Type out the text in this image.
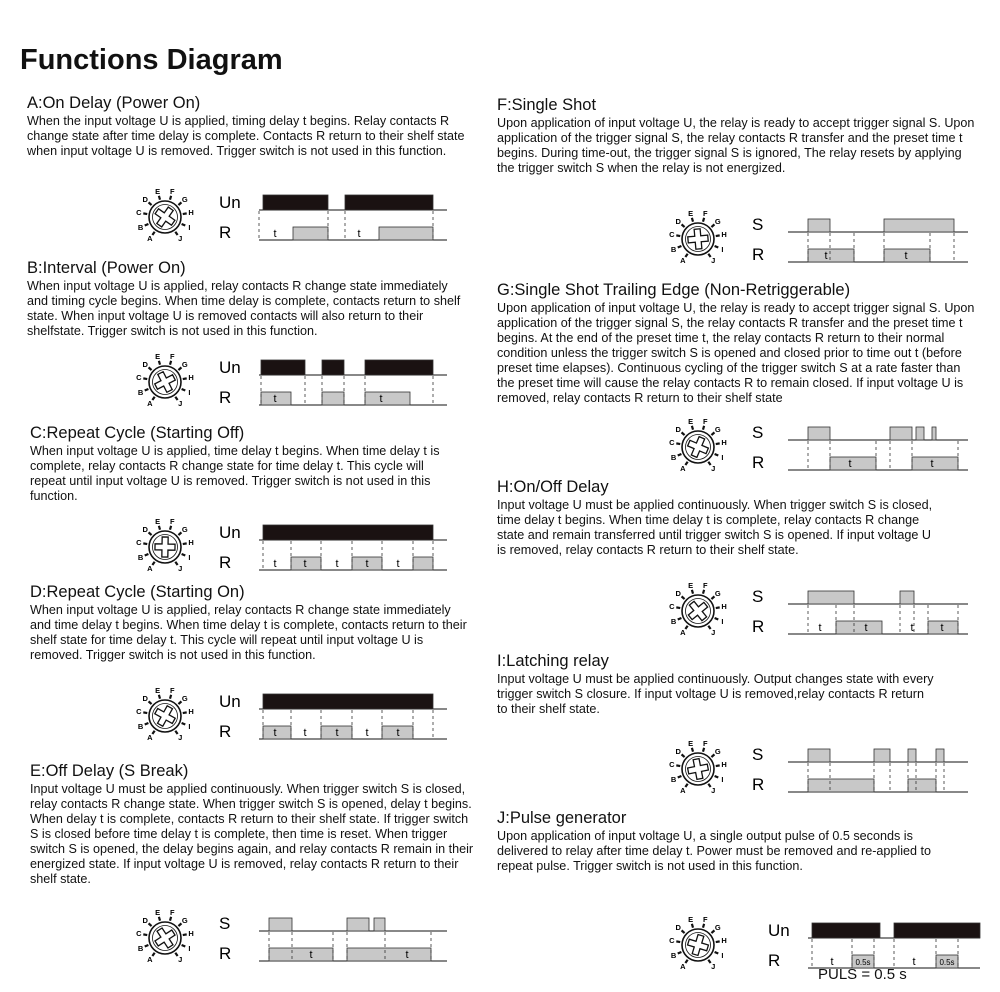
Functions Diagram
A:On Delay (Power On)

When the input voltage U is applied, timing delay t begins. Relay contacts R change state after time delay is complete. Contacts R return to their shelf state when input voltage U is removed. Trigger switch is not used in this function.

B:Interval (Power On)

When input voltage U is applied, relay contacts R change state immediately and timing cycle begins. When time delay is complete, contacts return to shelf state. When input voltage U is removed contacts will also return to their shelfstate. Trigger switch is not used in this function.

C:Repeat Cycle (Starting Off)

When input voltage U is applied, time delay t begins. When time delay t is complete, relay contacts R change state for time delay t. This cycle will repeat until input voltage U is removed. Trigger switch is not used in this function.

D:Repeat Cycle (Starting On)

When input voltage U is applied, relay contacts R change state immediately and time delay t begins. When time delay t is complete, contacts return to their shelf state for time delay t. This cycle will repeat until input voltage U is removed. Trigger switch is not used in this function.

E:Off Delay (S Break)

Input voltage U must be applied continuously. When trigger switch S is closed, relay contacts R change state. When trigger switch S is opened, delay t begins. When delay t is complete, contacts R return to their shelf state. If trigger switch S is closed before time delay t is complete, then time is reset. When trigger switch S is opened, the delay begins again, and relay contacts R remain in their energized state. If input voltage U is removed, relay contacts R return to their shelf state.

F:Single Shot

Upon application of input voltage U, the relay is ready to accept trigger signal S. Upon application of the trigger signal S, the relay contacts R transfer and the preset time t begins. During time-out, the trigger signal S is ignored, The relay resets by applying the trigger switch S when the relay is not energized.

G:Single Shot Trailing Edge (Non-Retriggerable)

Upon application of input voltage U, the relay is ready to accept trigger signal S. Upon application of the trigger signal S, the relay contacts R transfer and the preset time t begins. At the end of the preset time t, the relay contacts R return to their normal condition unless the trigger switch S is opened and closed prior to time out t (before preset time elapses). Continuous cycling of the trigger switch S at a rate faster than the preset time will cause the relay contacts R to remain closed. If input voltage U is removed, relay contacts R return to their shelf state

H:On/Off Delay

Input voltage U must be applied continuously. When trigger switch S is closed, time delay t begins. When time delay t is complete, relay contacts R change state and remain transferred until trigger switch S is opened. If input voltage U is removed, relay contacts R return to their shelf state.

I:Latching relay

Input voltage U must be applied continuously. Output changes state with every trigger switch S closure. If input voltage U is removed,relay contacts R return to their shelf state.

J:Pulse generator

Upon application of input voltage U, a single output pulse of 0.5 seconds is delivered to relay after time delay t. Power must be removed and re-applied to repeat pulse. Trigger switch is not used in this function.

A
B
C
D
E F
G
H
I
J
Un
R	t	t
A
B
C
D
E F
G
H
I
J
Un
R	t	t
A
B
C
D
E F
G
H
I
J
Un
R	t t	t t	t
A
B
C
D
E F
G
H
I
J
Un
R	t t	t t	t
A
B
C
D
E F
G
H
I
J
S
R	t	t
A
B
C
D
E F
G
H
I
J
S
R	t	t
A
B
C
D
E F
G
H
I
J
S
R	t	t
A
B
C
D
E F
G
H
I
J
S
R	t	t	t t
A
B
C
D
E F
G
H
I
J
S
R
A
B
C
D
E F
G
H
I
J
Un
R	t	0.5s	t	0.5s
PULS = 0.5 s
